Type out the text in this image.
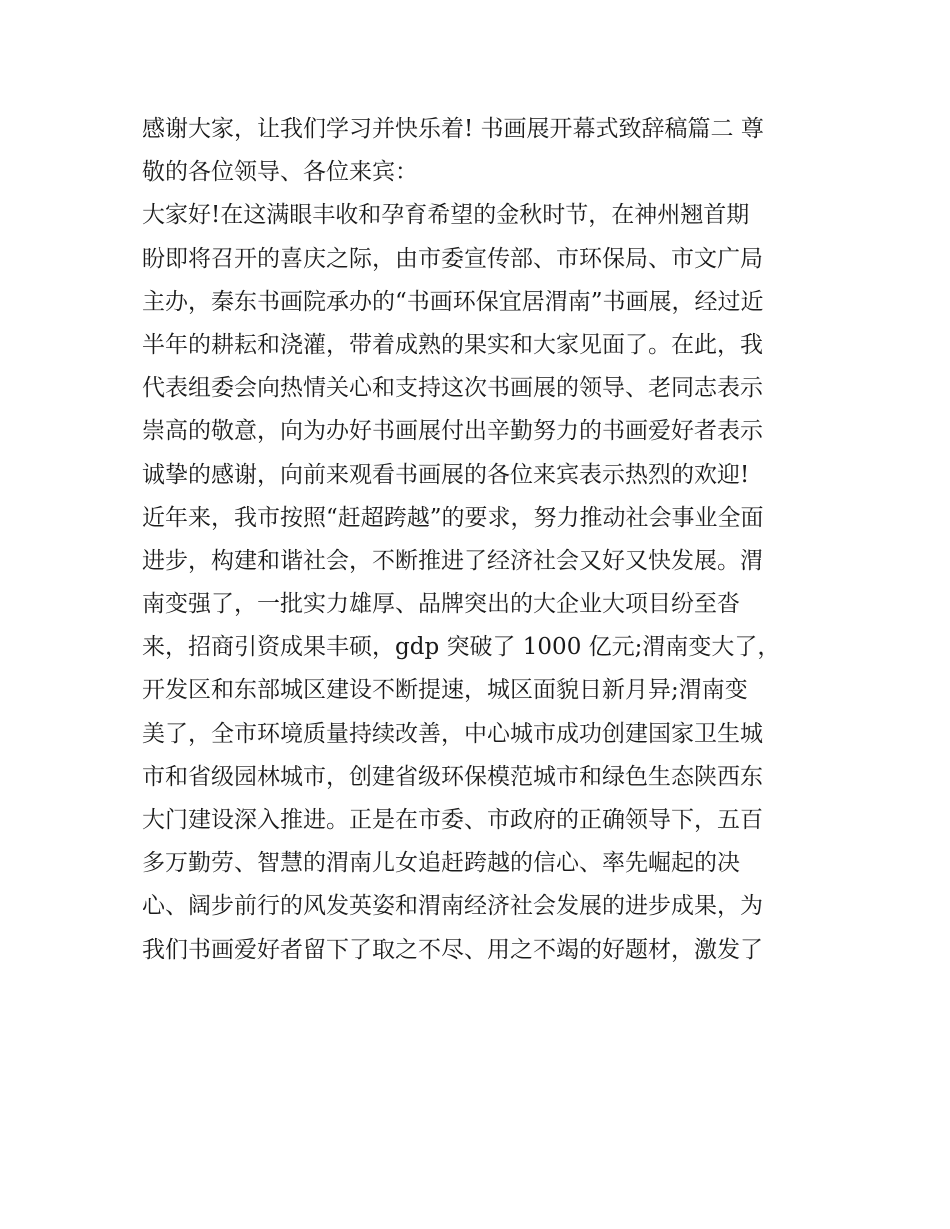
感谢大家，让我们学习并快乐着! 书画展开幕式致辞稿篇二 尊
敬的各位领导、各位来宾：
大家好!在这满眼丰收和孕育希望的金秋时节，在神州翘首期
盼即将召开的喜庆之际，由市委宣传部、市环保局、市文广局
主办，秦东书画院承办的“书画环保宜居渭南”书画展，经过近
半年的耕耘和浇灌，带着成熟的果实和大家见面了。在此，我
代表组委会向热情关心和支持这次书画展的领导、老同志表示
崇高的敬意，向为办好书画展付出辛勤努力的书画爱好者表示
诚挚的感谢，向前来观看书画展的各位来宾表示热烈的欢迎!
近年来，我市按照“赶超跨越”的要求，努力推动社会事业全面
进步，构建和谐社会，不断推进了经济社会又好又快发展。渭
南变强了，一批实力雄厚、品牌突出的大企业大项目纷至沓
来，招商引资成果丰硕，gdp 突破了 1000 亿元;渭南变大了，
开发区和东部城区建设不断提速，城区面貌日新月异;渭南变
美了，全市环境质量持续改善，中心城市成功创建国家卫生城
市和省级园林城市，创建省级环保模范城市和绿色生态陕西东
大门建设深入推进。正是在市委、市政府的正确领导下，五百
多万勤劳、智慧的渭南儿女追赶跨越的信心、率先崛起的决
心、阔步前行的风发英姿和渭南经济社会发展的进步成果，为
我们书画爱好者留下了取之不尽、用之不竭的好题材，激发了
